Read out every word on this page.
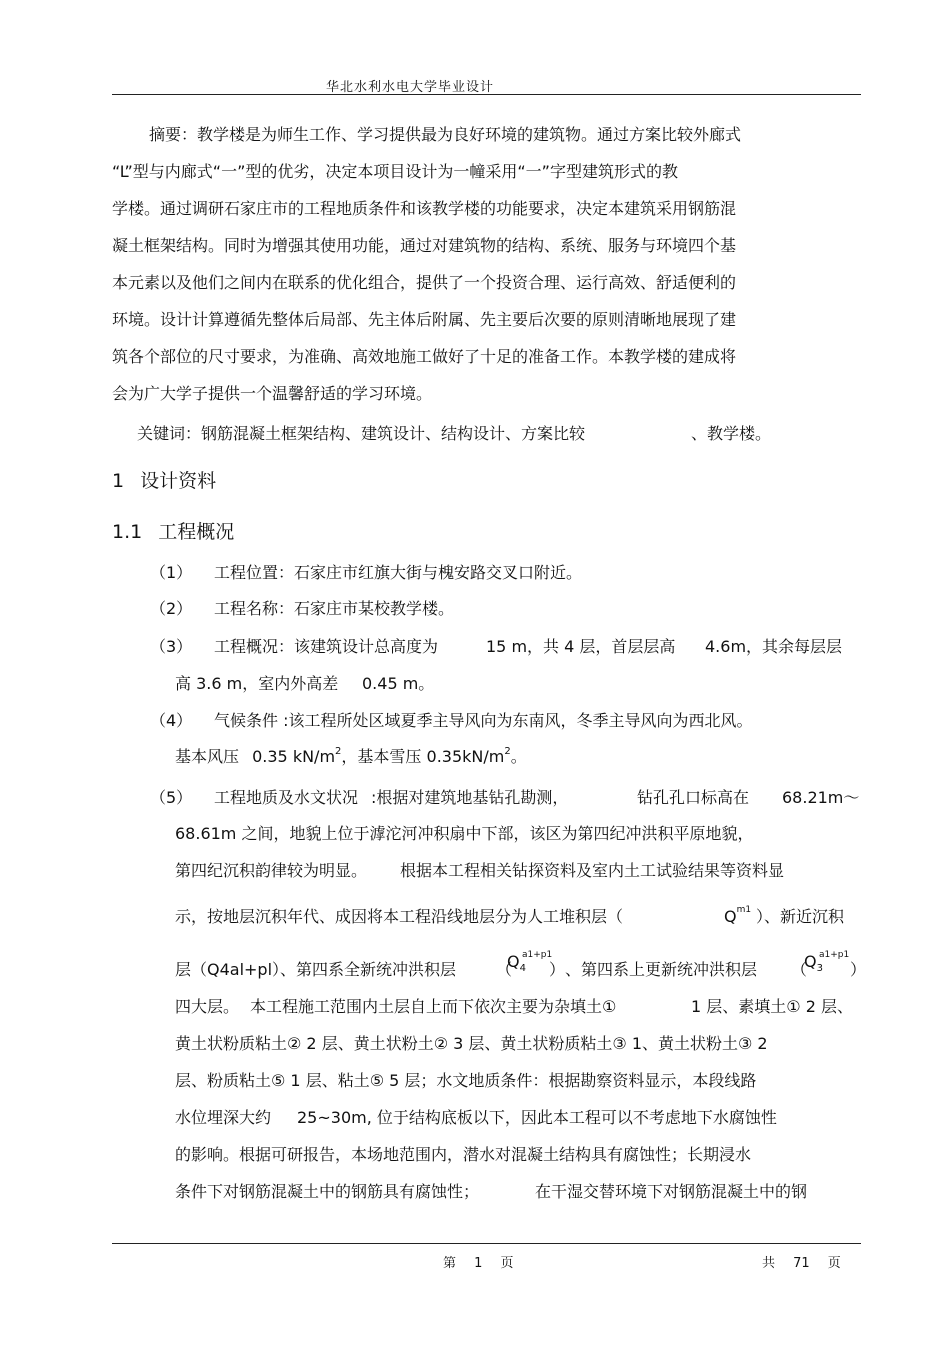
华北水利水电大学毕业设计
摘要：教学楼是为师生工作、学习提供最为良好环境的建筑物。通过方案比较外廊式
“L”型与内廊式“一”型的优劣，决定本项目设计为一幢采用“一”字型建筑形式的教
学楼。通过调研石家庄市的工程地质条件和该教学楼的功能要求，决定本建筑采用钢筋混
凝土框架结构。同时为增强其使用功能，通过对建筑物的结构、系统、服务与环境四个基
本元素以及他们之间内在联系的优化组合，提供了一个投资合理、运行高效、舒适便利的
环境。设计计算遵循先整体后局部、先主体后附属、先主要后次要的原则清晰地展现了建
筑各个部位的尺寸要求，为准确、高效地施工做好了十足的准备工作。本教学楼的建成将
会为广大学子提供一个温馨舒适的学习环境。
关键词：钢筋混凝土框架结构、建筑设计、结构设计、方案比较	、教学楼。
1 设计资料
1.1 工程概况
（1） 工程位置：石家庄市红旗大街与槐安路交叉口附近。
（2） 工程名称：石家庄市某校教学楼。
（3） 工程概况：该建筑设计总高度为	15 m，共 4 层，首层层高 4.6m，其余每层层
高 3.6 m，室内外高差 0.45 m。
（4） 气候条件 :该工程所处区域夏季主导风向为东南风，冬季主导风向为西北风。
基本风压 0.35 $kN/m^2$，基本雪压 $0.35kN/m^2$。
（5） 工程地质及水文状况 :根据对建筑地基钻孔勘测，	钻孔孔口标高在 68.21m～
68.61m 之间，地貌上位于滹沱河冲积扇中下部，该区为第四纪冲洪积平原地貌，
第四纪沉积韵律较为明显。 根据本工程相关钻探资料及室内土工试验结果等资料显
示，按地层沉积年代、成因将本工程沿线地层分为人工堆积层（	$Q^{m1}$ ）、新近沉积
层（Q4al+pl）、第四系全新统冲洪积层 （
$Q_4^{a1+p1}$
） 、第四系上更新统冲洪积层 （
$Q_3^{a1+p1}$
）
四大层。 本工程施工范围内土层自上而下依次主要为杂填土①	1 层、素填土① 2 层、
黄土状粉质粘土② 2 层、黄土状粉土② 3 层、黄土状粉质粘土③ 1、黄土状粉土③ 2
层、粉质粘土⑤ 1 层、粘土⑤ 5 层；水文地质条件：根据勘察资料显示，本段线路
水位埋深大约 25~30m, 位于结构底板以下，因此本工程可以不考虑地下水腐蚀性
的影响。根据可研报告，本场地范围内，潜水对混凝土结构具有腐蚀性；长期浸水
条件下对钢筋混凝土中的钢筋具有腐蚀性；	在干湿交替环境下对钢筋混凝土中的钢
第 1 页	共 71 页
